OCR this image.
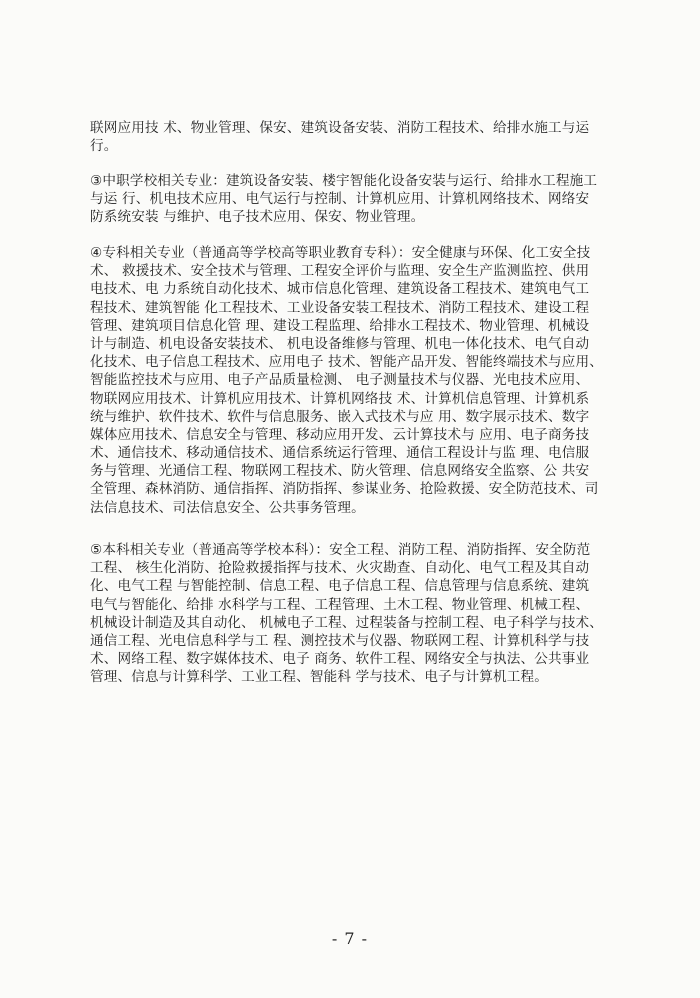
联网应用技 术、物业管理、保安、建筑设备安装、消防工程技术、给排水施工与运
行。
③中职学校相关专业：建筑设备安装、楼宇智能化设备安装与运行、给排水工程施工
与运 行、机电技术应用、电气运行与控制、计算机应用、计算机网络技术、网络安
防系统安装 与维护、电子技术应用、保安、物业管理。
④专科相关专业（普通高等学校高等职业教育专科）：安全健康与环保、化工安全技
术、 救援技术、安全技术与管理、工程安全评价与监理、安全生产监测监控、供用
电技术、电 力系统自动化技术、城市信息化管理、建筑设备工程技术、建筑电气工
程技术、建筑智能 化工程技术、工业设备安装工程技术、消防工程技术、建设工程
管理、建筑项目信息化管 理、建设工程监理、给排水工程技术、物业管理、机械设
计与制造、机电设备安装技术、 机电设备维修与管理、机电一体化技术、电气自动
化技术、电子信息工程技术、应用电子 技术、智能产品开发、智能终端技术与应用、
智能监控技术与应用、电子产品质量检测、 电子测量技术与仪器、光电技术应用、
物联网应用技术、计算机应用技术、计算机网络技 术、计算机信息管理、计算机系
统与维护、软件技术、软件与信息服务、嵌入式技术与应 用、数字展示技术、数字
媒体应用技术、信息安全与管理、移动应用开发、云计算技术与 应用、电子商务技
术、通信技术、移动通信技术、通信系统运行管理、通信工程设计与监 理、电信服
务与管理、光通信工程、物联网工程技术、防火管理、信息网络安全监察、公 共安
全管理、森林消防、通信指挥、消防指挥、参谋业务、抢险救援、安全防范技术、司
法信息技术、司法信息安全、公共事务管理。
⑤本科相关专业（普通高等学校本科）：安全工程、消防工程、消防指挥、安全防范
工程、 核生化消防、抢险救援指挥与技术、火灾勘查、自动化、电气工程及其自动
化、电气工程 与智能控制、信息工程、电子信息工程、信息管理与信息系统、建筑
电气与智能化、给排 水科学与工程、工程管理、土木工程、物业管理、机械工程、
机械设计制造及其自动化、 机械电子工程、过程装备与控制工程、电子科学与技术、
通信工程、光电信息科学与工 程、测控技术与仪器、物联网工程、计算机科学与技
术、网络工程、数字媒体技术、电子 商务、软件工程、网络安全与执法、公共事业
管理、信息与计算科学、工业工程、智能科 学与技术、电子与计算机工程。
- 7 -
